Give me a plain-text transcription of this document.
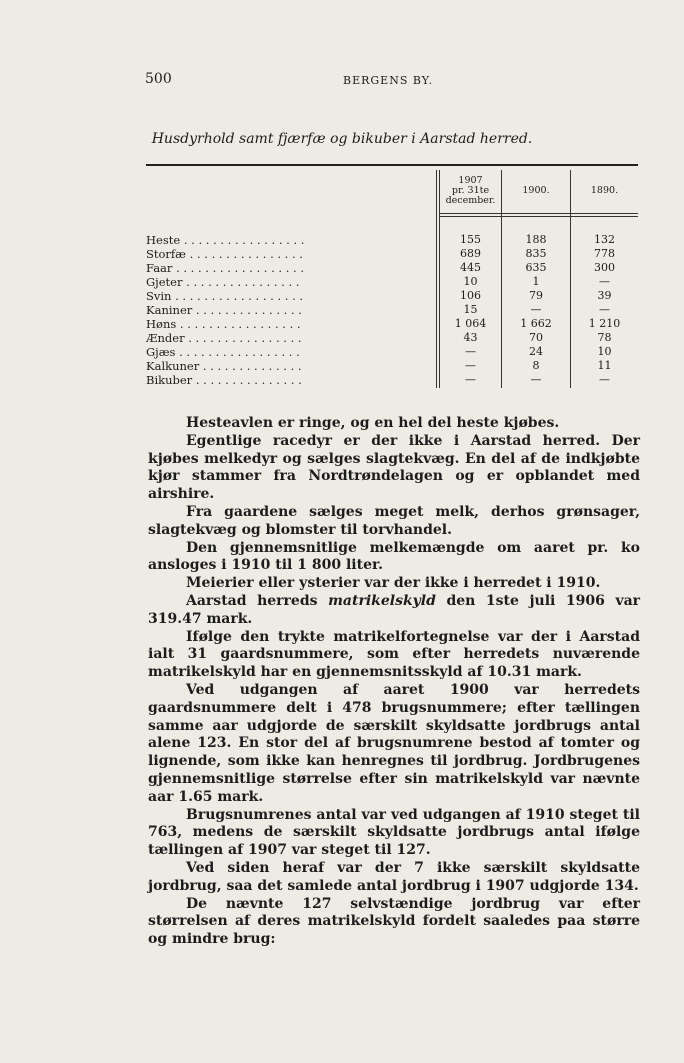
500	BERGENS BY.
Husdyrhold samt fjærfæ og bikuber i Aarstad herred.
1907
pr. 31te
december.
1900.	1890.
Heste . . . . . . . . . . . . . . . . .	155	188	132
Storfæ . . . . . . . . . . . . . . . .	689	835	778
Faar . . . . . . . . . . . . . . . . . .	445	635	300
Gjeter . . . . . . . . . . . . . . . .	10	1	—
Svin . . . . . . . . . . . . . . . . . .	106	79	39
Kaniner . . . . . . . . . . . . . . .	15	—	—
Høns . . . . . . . . . . . . . . . . .	1 064	1 662	1 210
Ænder . . . . . . . . . . . . . . . .	43	70	78
Gjæs . . . . . . . . . . . . . . . . .	—	24	10
Kalkuner . . . . . . . . . . . . . .	—	8	11
Bikuber . . . . . . . . . . . . . . .	—	—	—

Hesteavlen er ringe, og en hel del heste kjøbes.

Egentlige racedyr er der ikke i Aarstad herred. Der kjøbes melkedyr og sælges slagtekvæg. En del af de indkjøbte kjør stammer fra Nordtrøndelagen og er opblandet med airshire.

Fra gaardene sælges meget melk, derhos grønsager, slagtekvæg og blomster til torvhandel.

Den gjennemsnitlige melkemængde om aaret pr. ko ansloges i 1910 til 1 800 liter.

Meierier eller ysterier var der ikke i herredet i 1910.

Aarstad herreds matrikelskyld den 1ste juli 1906 var 319.47 mark.

Ifølge den trykte matrikelfortegnelse var der i Aarstad ialt 31 gaardsnummere, som efter herredets nuværende matrikelskyld har en gjennemsnitsskyld af 10.31 mark.

Ved udgangen af aaret 1900 var herredets gaardsnummere delt i 478 brugsnummere; efter tællingen samme aar udgjorde de særskilt skyldsatte jordbrugs antal alene 123. En stor del af brugsnumrene bestod af tomter og lignende, som ikke kan henregnes til jordbrug. Jordbrugenes gjennemsnitlige størrelse efter sin matrikelskyld var nævnte aar 1.65 mark.

Brugsnumrenes antal var ved udgangen af 1910 steget til 763, medens de særskilt skyldsatte jordbrugs antal ifølge tællingen af 1907 var steget til 127.

Ved siden heraf var der 7 ikke særskilt skyldsatte jordbrug, saa det samlede antal jordbrug i 1907 udgjorde 134.

De nævnte 127 selvstændige jordbrug var efter størrelsen af deres matrikelskyld fordelt saaledes paa større og mindre brug:
